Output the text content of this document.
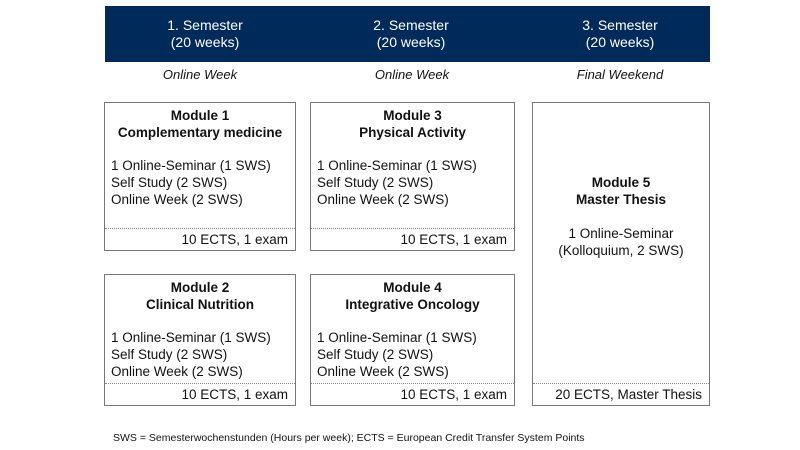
1. Semester
(20 weeks)
2. Semester
(20 weeks)
3. Semester
(20 weeks)
Online Week	Online Week	Final Weekend
Module 1
Complementary medicine
1 Online-Seminar (1 SWS)
Self Study (2 SWS)
Online Week (2 SWS)
10 ECTS, 1 exam
Module 3
Physical Activity
1 Online-Seminar (1 SWS)
Self Study (2 SWS)
Online Week (2 SWS)
10 ECTS, 1 exam
Module 2
Clinical Nutrition
1 Online-Seminar (1 SWS)
Self Study (2 SWS)
Online Week (2 SWS)
10 ECTS, 1 exam
Module 4
Integrative Oncology
1 Online-Seminar (1 SWS)
Self Study (2 SWS)
Online Week (2 SWS)
10 ECTS, 1 exam
Module 5
Master Thesis
1 Online-Seminar
(Kolloquium, 2 SWS)
20 ECTS, Master Thesis
SWS = Semesterwochenstunden (Hours per week); ECTS = European Credit Transfer System Points
